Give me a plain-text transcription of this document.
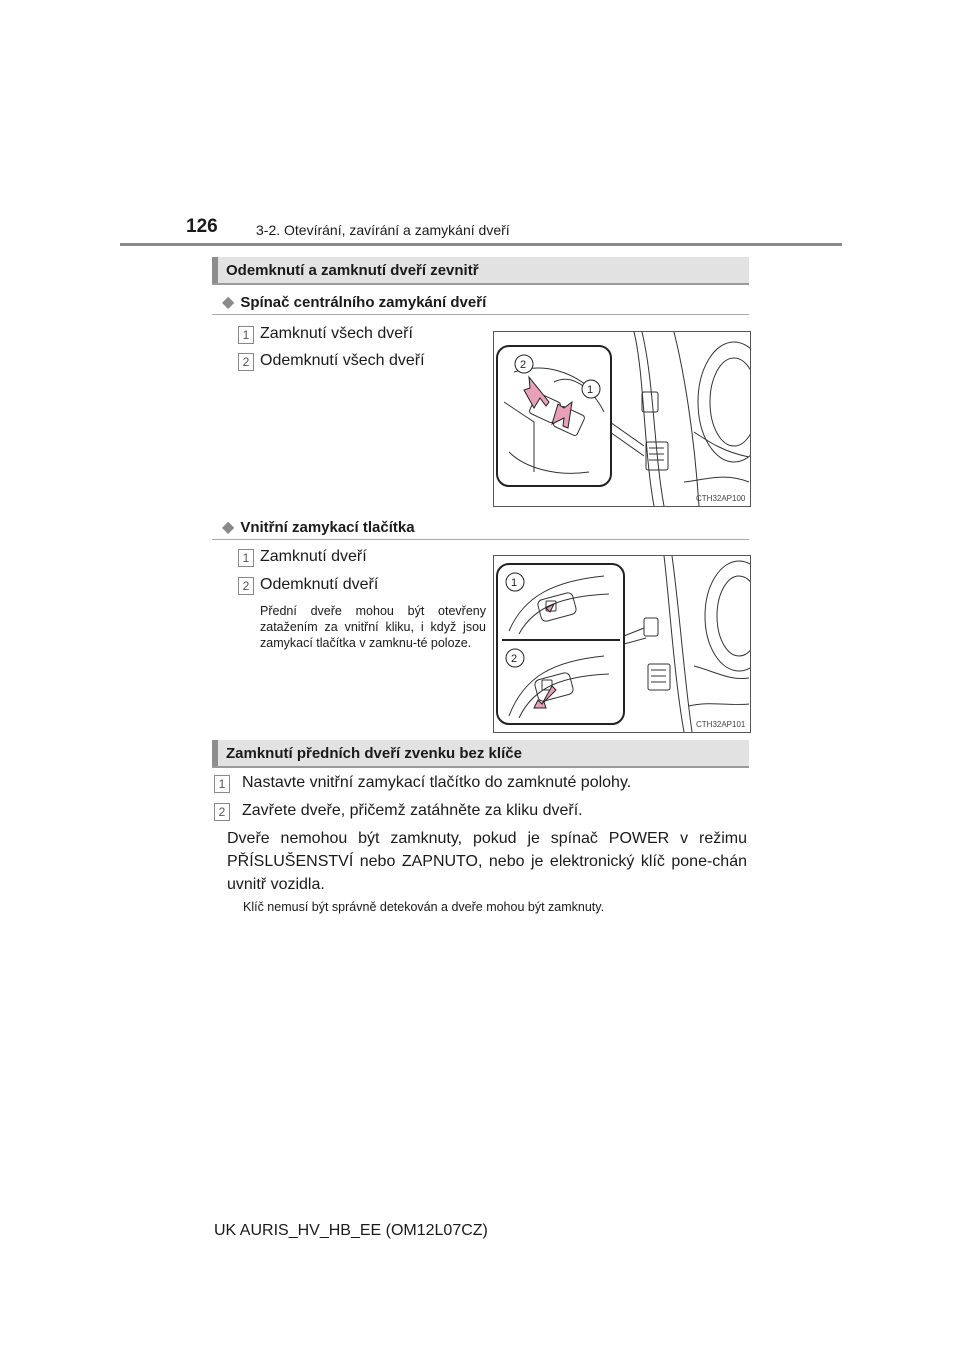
126	3-2. Otevírání, zavírání a zamykání dveří
Odemknutí a zamknutí dveří zevnitř
◆ Spínač centrálního zamykání dveří
1 Zamknutí všech dveří
2 Odemknutí všech dveří	2
1
CTH32AP100
◆ Vnitřní zamykací tlačítka
1 Zamknutí dveří
2 Odemknutí dveří
Přední dveře mohou být otevřeny zatažením za vnitřní kliku, i když jsou zamykací tlačítka v zamknu-té poloze.
1
2
CTH32AP101
Zamknutí předních dveří zvenku bez klíče
1 Nastavte vnitřní zamykací tlačítko do zamknuté polohy.
2 Zavřete dveře, přičemž zatáhněte za kliku dveří.
Dveře nemohou být zamknuty, pokud je spínač POWER v režimu PŘÍSLUŠENSTVÍ nebo ZAPNUTO, nebo je elektronický klíč pone-chán uvnitř vozidla.
Klíč nemusí být správně detekován a dveře mohou být zamknuty.
UK AURIS_HV_HB_EE (OM12L07CZ)
